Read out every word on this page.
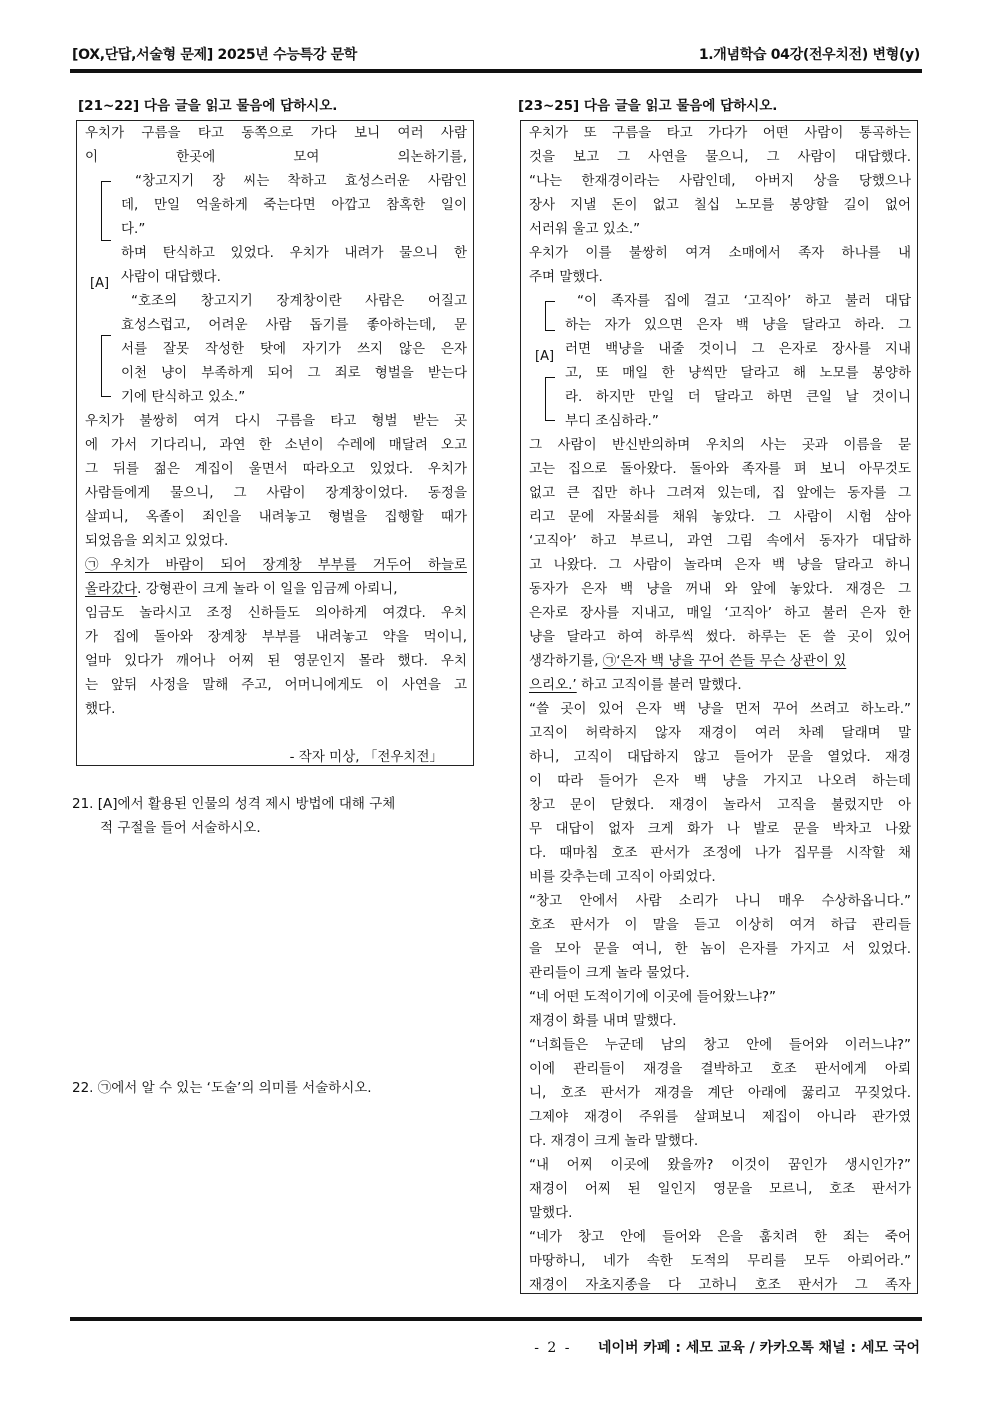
[OX,단답,서술형 문제] 2025년 수능특강 문학	1.개념학습 04강(전우치전) 변형(y)
[21~22] 다음 글을 읽고 물음에 답하시오.
우치가 구름을 타고 동쪽으로 가다 보니 여러 사람
이 한곳에 모여 의논하기를,
[A]
“창고지기 장 씨는 착하고 효성스러운 사람인
데, 만일 억울하게 죽는다면 아깝고 참혹한 일이
다.”
하며 탄식하고 있었다. 우치가 내려가 물으니 한
사람이 대답했다.
“호조의 창고지기 장계창이란 사람은 어질고
효성스럽고, 어려운 사람 돕기를 좋아하는데, 문
서를 잘못 작성한 탓에 자기가 쓰지 않은 은자
이천 냥이 부족하게 되어 그 죄로 형벌을 받는다
기에 탄식하고 있소.”
우치가 불쌍히 여겨 다시 구름을 타고 형벌 받는 곳
에 가서 기다리니, 과연 한 소년이 수레에 매달려 오고
그 뒤를 젊은 계집이 울면서 따라오고 있었다. 우치가
사람들에게 물으니, 그 사람이 장계창이었다. 동정을
살피니, 옥졸이 죄인을 내려놓고 형벌을 집행할 때가
되었음을 외치고 있었다.
㉠우치가 바람이 되어 장계창 부부를 거두어 하늘로
올라갔다. 강형관이 크게 놀라 이 일을 임금께 아뢰니,
임금도 놀라시고 조정 신하들도 의아하게 여겼다. 우치
가 집에 돌아와 장계창 부부를 내려놓고 약을 먹이니,
얼마 있다가 깨어나 어찌 된 영문인지 몰라 했다. 우치
는 앞뒤 사정을 말해 주고, 어머니에게도 이 사연을 고
했다.
- 작자 미상, 「전우치전」

21. [A]에서 활용된 인물의 성격 제시 방법에 대해 구체

적 구절을 들어 서술하시오.

22. ㉠에서 알 수 있는 ‘도술’의 의미를 서술하시오.

[23~25] 다음 글을 읽고 물음에 답하시오.
우치가 또 구름을 타고 가다가 어떤 사람이 통곡하는
것을 보고 그 사연을 물으니, 그 사람이 대답했다.
“나는 한재경이라는 사람인데, 아버지 상을 당했으나
장사 지낼 돈이 없고 칠십 노모를 봉양할 길이 없어
서러워 울고 있소.”
우치가 이를 불쌍히 여겨 소매에서 족자 하나를 내
주며 말했다.
[A]
“이 족자를 집에 걸고 ‘고직아’ 하고 불러 대답
하는 자가 있으면 은자 백 냥을 달라고 하라. 그
러면 백냥을 내줄 것이니 그 은자로 장사를 지내
고, 또 매일 한 냥씩만 달라고 해 노모를 봉양하
라. 하지만 만일 더 달라고 하면 큰일 날 것이니
부디 조심하라.”
그 사람이 반신반의하며 우치의 사는 곳과 이름을 묻
고는 집으로 돌아왔다. 돌아와 족자를 펴 보니 아무것도
없고 큰 집만 하나 그려져 있는데, 집 앞에는 동자를 그
리고 문에 자물쇠를 채워 놓았다. 그 사람이 시험 삼아
‘고직아’ 하고 부르니, 과연 그림 속에서 동자가 대답하
고 나왔다. 그 사람이 놀라며 은자 백 냥을 달라고 하니
동자가 은자 백 냥을 꺼내 와 앞에 놓았다. 재경은 그
은자로 장사를 지내고, 매일 ‘고직아’ 하고 불러 은자 한
냥을 달라고 하여 하루씩 썼다. 하루는 돈 쓸 곳이 있어
생각하기를, ㉠‘은자 백 냥을 꾸어 쓴들 무슨 상관이 있
으리오.’ 하고 고직이를 불러 말했다.
“쓸 곳이 있어 은자 백 냥을 먼저 꾸어 쓰려고 하노라.”
고직이 허락하지 않자 재경이 여러 차례 달래며 말
하니, 고직이 대답하지 않고 들어가 문을 열었다. 재경
이 따라 들어가 은자 백 냥을 가지고 나오려 하는데
창고 문이 닫혔다. 재경이 놀라서 고직을 불렀지만 아
무 대답이 없자 크게 화가 나 발로 문을 박차고 나왔
다. 때마침 호조 판서가 조정에 나가 집무를 시작할 채
비를 갖추는데 고직이 아뢰었다.
“창고 안에서 사람 소리가 나니 매우 수상하옵니다.”
호조 판서가 이 말을 듣고 이상히 여겨 하급 관리들
을 모아 문을 여니, 한 놈이 은자를 가지고 서 있었다.
관리들이 크게 놀라 물었다.
“네 어떤 도적이기에 이곳에 들어왔느냐?”
재경이 화를 내며 말했다.
“너희들은 누군데 남의 창고 안에 들어와 이러느냐?”
이에 관리들이 재경을 결박하고 호조 판서에게 아뢰
니, 호조 판서가 재경을 계단 아래에 꿇리고 꾸짖었다.
그제야 재경이 주위를 살펴보니 제집이 아니라 관가였
다. 재경이 크게 놀라 말했다.
“내 어찌 이곳에 왔을까? 이것이 꿈인가 생시인가?”
재경이 어찌 된 일인지 영문을 모르니, 호조 판서가
말했다.
“네가 창고 안에 들어와 은을 훔치려 한 죄는 죽어
마땅하니, 네가 속한 도적의 무리를 모두 아뢰어라.”
재경이 자초지종을 다 고하니 호조 판서가 그 족자
- 2 - 네이버 카페 : 세모 교육 / 카카오톡 채널 : 세모 국어
